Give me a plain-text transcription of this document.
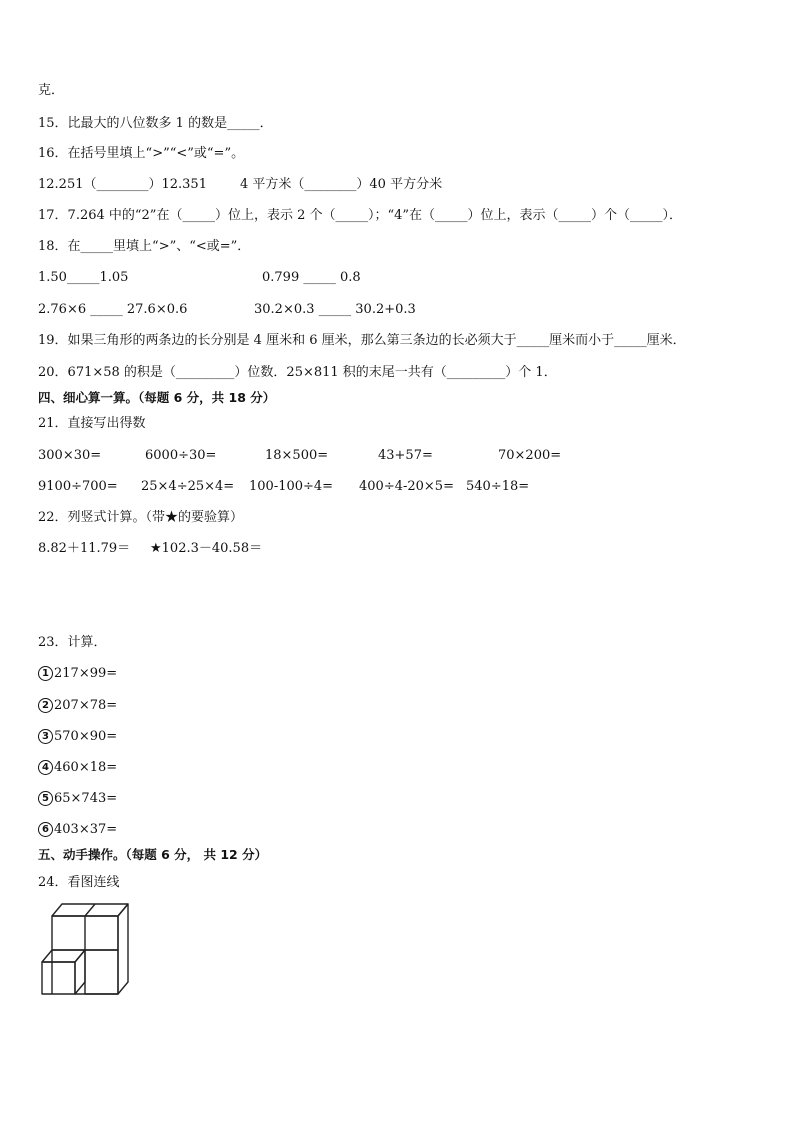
克．
15．比最大的八位数多 1 的数是_____．
16．在括号里填上“>”“<”或“=”。
12.251（________）12.351	4 平方米（________）40 平方分米
17．7.264 中的“2”在（_____）位上，表示 2 个（_____）；“4”在（_____）位上，表示（_____）个（_____）．
18．在_____里填上“>”、“<或=”．
1.50_____1.05	0.799 _____ 0.8
2.76×6 _____ 27.6×0.6	30.2×0.3 _____ 30.2+0.3
19．如果三角形的两条边的长分别是 4 厘米和 6 厘米，那么第三条边的长必须大于_____厘米而小于_____厘米．
20．671×58 的积是（_________）位数．25×811 积的末尾一共有（_________）个 1．
四、细心算一算。（每题 6 分，共 18 分）
21．直接写出得数
300×30=	6000÷30=	18×500=	43+57=	70×200=
9100÷700= 25×4÷25×4= 100-100÷4= 400÷4-20×5= 540÷18=
22．列竖式计算。（带★的要验算）
8.82＋11.79＝ ★102.3－40.58＝
23．计算．
1 217×99=
2 207×78=
3 570×90=
4 460×18=
5 65×743=
6 403×37=
五、动手操作。（每题 6 分， 共 12 分）
24．看图连线
